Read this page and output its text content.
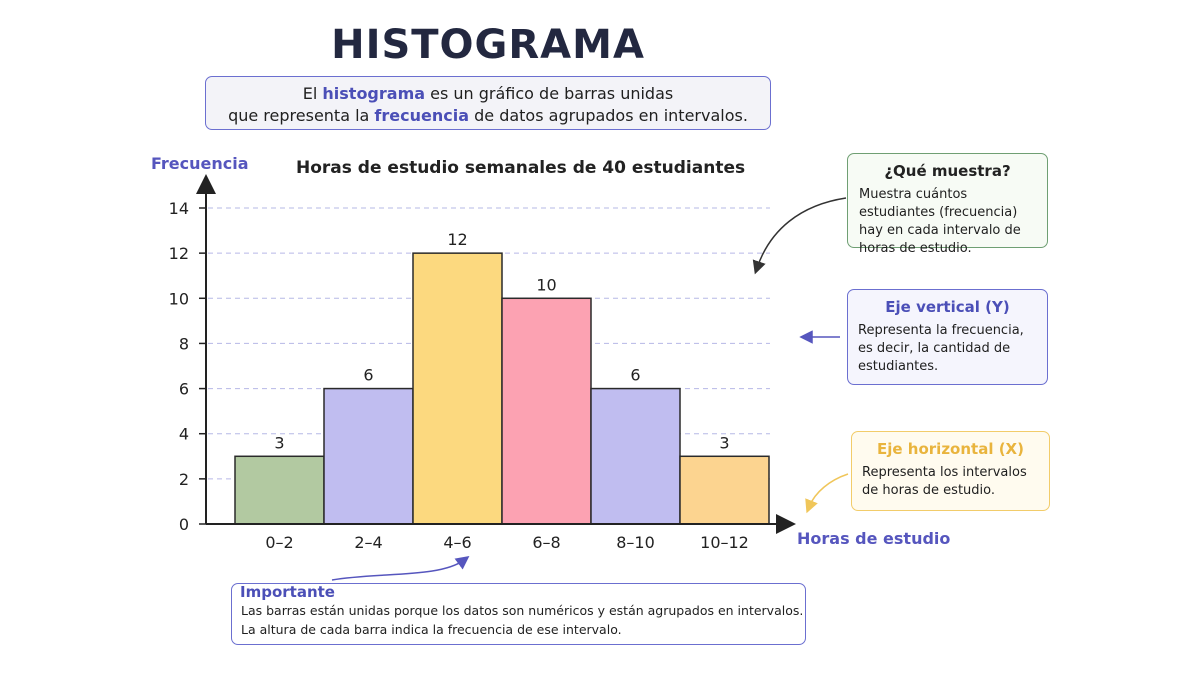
HISTOGRAMA
El histograma es un gráfico de barras unidas
que representa la frecuencia de datos agrupados en intervalos.
Frecuencia
Horas de estudio
Horas de estudio semanales de 40 estudiantes
0
2
4
6
8
10
12
14
3
0–2
6
2–4
12
4–6
10
6–8
6
8–10
3
10–12
¿Qué muestra?
Muestra cuántos estudiantes (frecuencia) hay en cada intervalo de horas de estudio.
Eje vertical (Y)
Representa la frecuencia, es decir, la cantidad de estudiantes.
Eje horizontal (X)
Representa los intervalos de horas de estudio.
Las barras están unidas porque los datos son numéricos y están agrupados en intervalos.
La altura de cada barra indica la frecuencia de ese intervalo.
Importante
